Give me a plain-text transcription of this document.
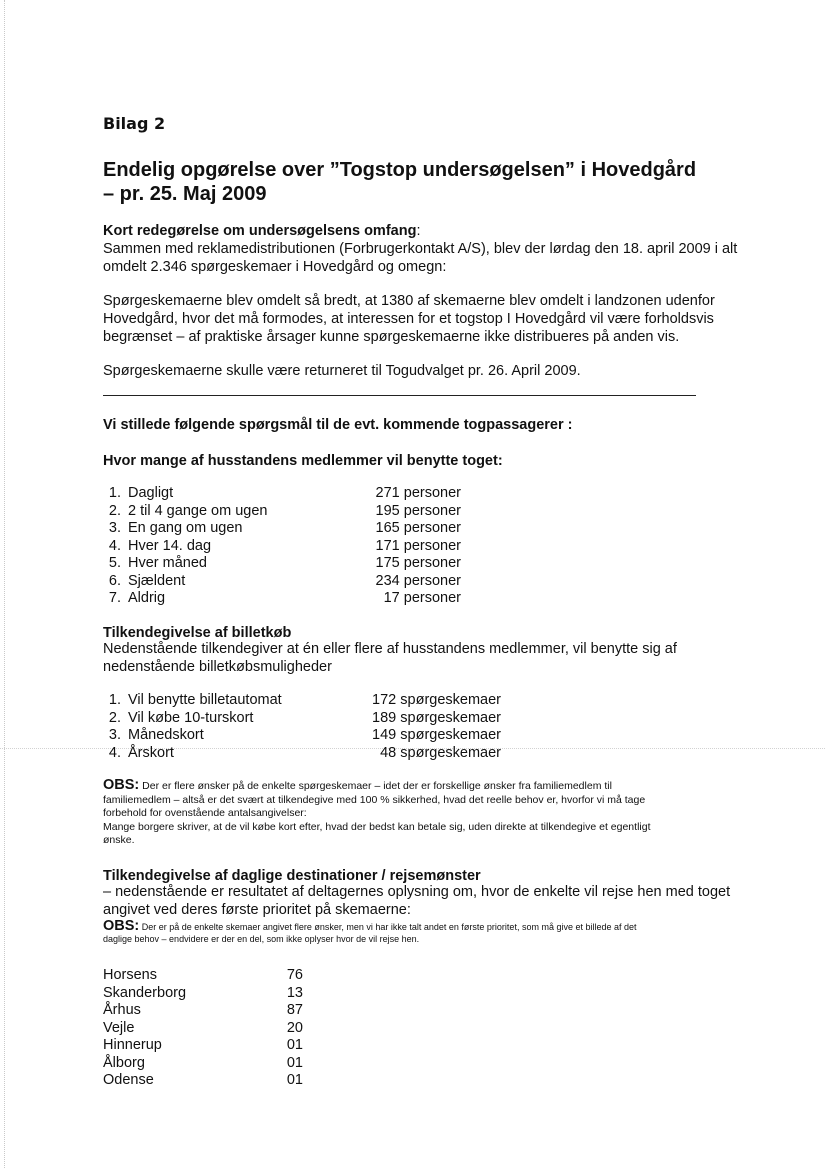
Bilag 2

Endelig opgørelse over ”Togstop undersøgelsen” i Hovedgård
– pr. 25. Maj 2009
Kort redegørelse om undersøgelsens omfang:
Sammen med reklamedistributionen (Forbrugerkontakt A/S), blev der lørdag den 18. april 2009 i alt
omdelt 2.346 spørgeskemaer i Hovedgård og omegn:
Spørgeskemaerne blev omdelt så bredt, at 1380 af skemaerne blev omdelt i landzonen udenfor
Hovedgård, hvor det må formodes, at interessen for et togstop I Hovedgård vil være forholdsvis
begrænset – af praktiske årsager kunne spørgeskemaerne ikke distribueres på anden vis.
Spørgeskemaerne skulle være returneret til Togudvalget pr. 26. April 2009.
Vi stillede følgende spørgsmål til de evt. kommende togpassagerer :
Hvor mange af husstandens medlemmer vil benytte toget:
1. Dagligt	271 personer
2. 2 til 4 gange om ugen	195 personer
3. En gang om ugen	165 personer
4. Hver 14. dag	171 personer
5. Hver måned	175 personer
6. Sjældent	234 personer
7. Aldrig	17 personer
Tilkendegivelse af billetkøb
Nedenstående tilkendegiver at én eller flere af husstandens medlemmer, vil benytte sig af
nedenstående billetkøbsmuligheder
1. Vil benytte billetautomat	172 spørgeskemaer
2. Vil købe 10-turskort	189 spørgeskemaer
3. Månedskort	149 spørgeskemaer
4. Årskort	48 spørgeskemaer
OBS: Der er flere ønsker på de enkelte spørgeskemaer – idet der er forskellige ønsker fra familiemedlem til
familiemedlem – altså er det svært at tilkendegive med 100 % sikkerhed, hvad det reelle behov er, hvorfor vi må tage
forbehold for ovenstående antalsangivelser:
Mange borgere skriver, at de vil købe kort efter, hvad der bedst kan betale sig, uden direkte at tilkendegive et egentligt
ønske.
Tilkendegivelse af daglige destinationer / rejsemønster
– nedenstående er resultatet af deltagernes oplysning om, hvor de enkelte vil rejse hen med toget
angivet ved deres første prioritet på skemaerne:
OBS: Der er på de enkelte skemaer angivet flere ønsker, men vi har ikke talt andet en første prioritet, som må give et billede af det
daglige behov – endvidere er der en del, som ikke oplyser hvor de vil rejse hen.
Horsens	76
Skanderborg	13
Århus	87
Vejle	20
Hinnerup	01
Ålborg	01
Odense	01
